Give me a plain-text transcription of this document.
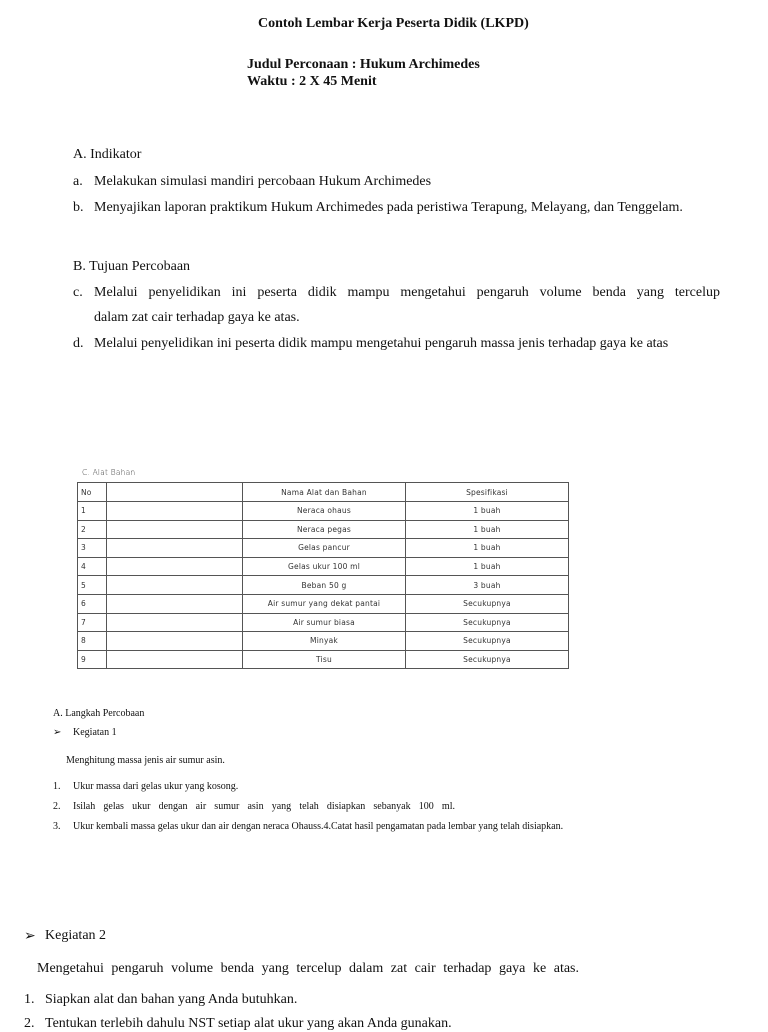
Contoh Lembar Kerja Peserta Didik (LKPD)
Judul Perconaan : Hukum Archimedes
Waktu : 2 X 45 Menit
A. Indikator
a. Melakukan simulasi mandiri percobaan Hukum Archimedes
b. Menyajikan laporan praktikum Hukum Archimedes pada peristiwa Terapung, Melayang, dan Tenggelam.
B. Tujuan Percobaan
c. Melalui penyelidikan ini peserta didik mampu mengetahui pengaruh volume benda yang tercelup
dalam zat cair terhadap gaya ke atas.
d. Melalui penyelidikan ini peserta didik mampu mengetahui pengaruh massa jenis terhadap gaya ke atas
C. Alat Bahan
No		Nama Alat dan Bahan	Spesifikasi
1		Neraca ohaus	1 buah
2		Neraca pegas	1 buah
3		Gelas pancur	1 buah
4		Gelas ukur 100 ml	1 buah
5		Beban 50 g	3 buah
6		Air sumur yang dekat pantai	Secukupnya
7		Air sumur biasa	Secukupnya
8		Minyak	Secukupnya
9		Tisu	Secukupnya
A. Langkah Percobaan
➢ Kegiatan 1
Menghitung massa jenis air sumur asin.
1. Ukur massa dari gelas ukur yang kosong.
2. Isilah gelas ukur dengan air sumur asin yang telah disiapkan sebanyak 100 ml.
3. Ukur kembali massa gelas ukur dan air dengan neraca Ohauss.4.Catat hasil pengamatan pada lembar yang telah disiapkan.
➢ Kegiatan 2
Mengetahui pengaruh volume benda yang tercelup dalam zat cair terhadap gaya ke atas.
1. Siapkan alat dan bahan yang Anda butuhkan.
2. Tentukan terlebih dahulu NST setiap alat ukur yang akan Anda gunakan.
